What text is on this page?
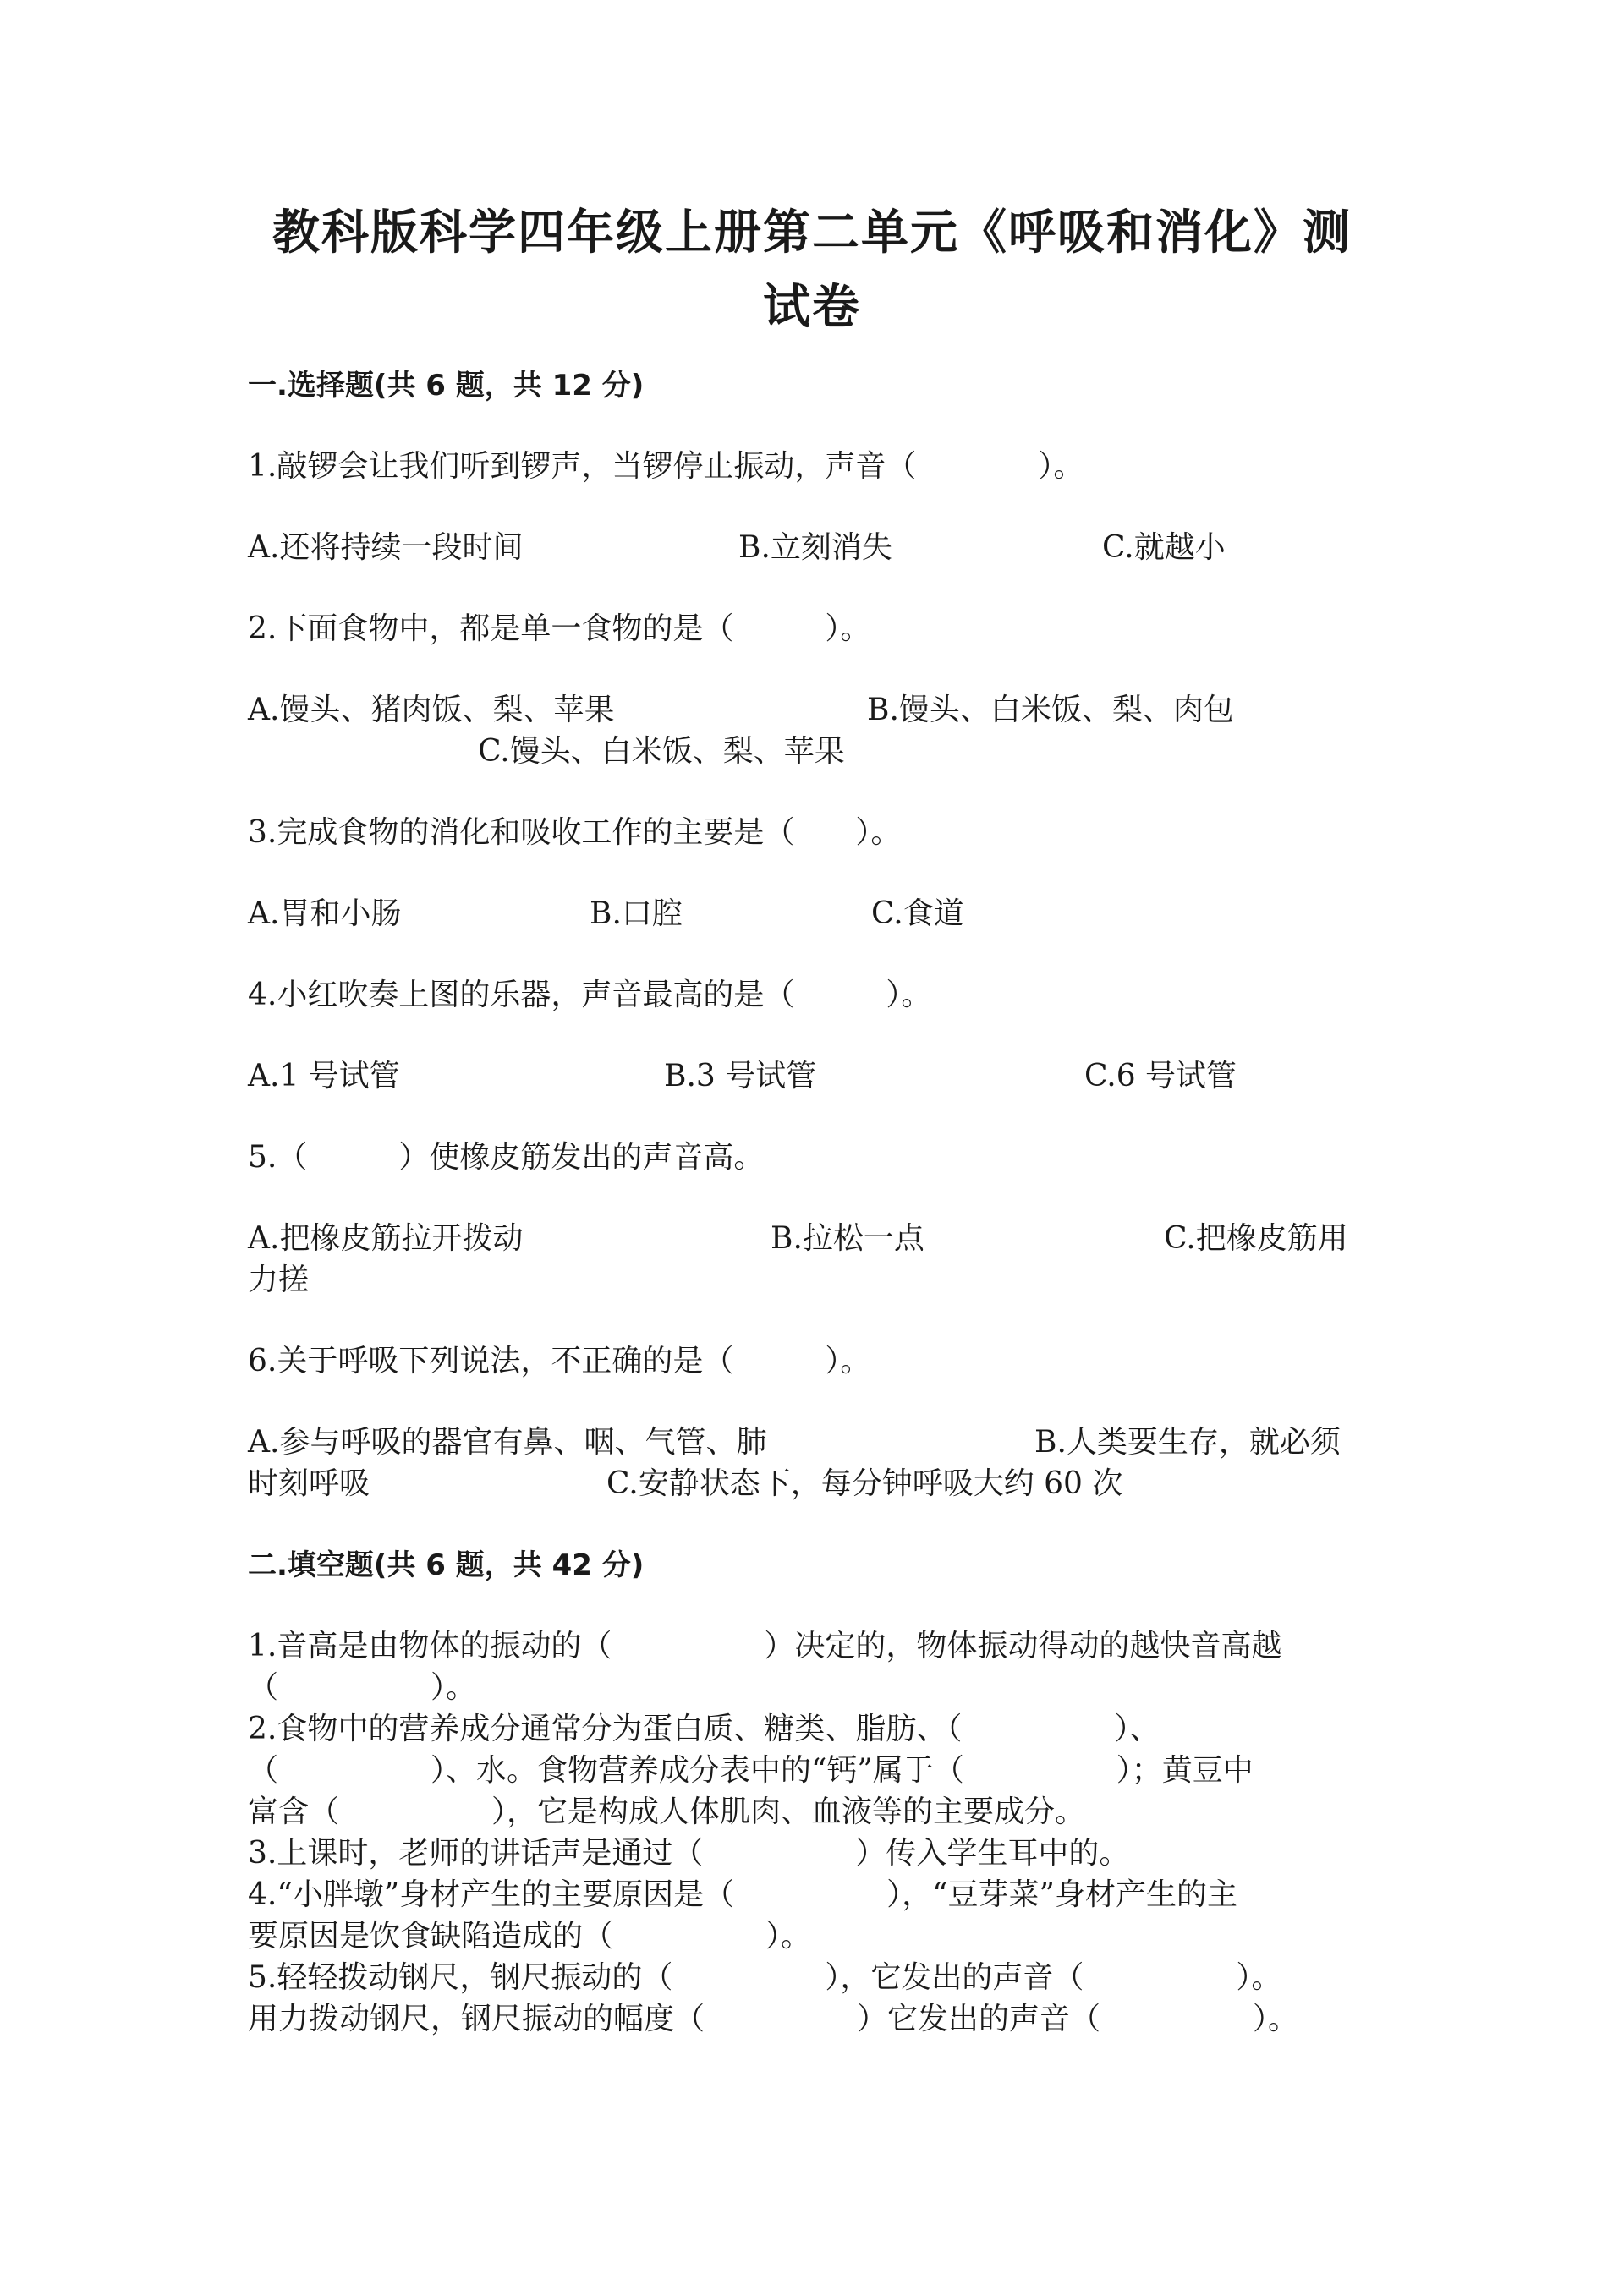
教科版科学四年级上册第二单元《呼吸和消化》测
试卷
一.选择题(共 6 题，共 12 分)
1.敲锣会让我们听到锣声，当锣停止振动，声音（　　　　）。
A.还将持续一段时间	B.立刻消失	C.就越小
2.下面食物中，都是单一食物的是（　　　）。
A.馒头、猪肉饭、梨、苹果	B.馒头、白米饭、梨、肉包
C.馒头、白米饭、梨、苹果
3.完成食物的消化和吸收工作的主要是（　　）。
A.胃和小肠	B.口腔	C.食道
4.小红吹奏上图的乐器，声音最高的是（　　　）。
A.1 号试管	B.3 号试管	C.6 号试管
5.（　　　）使橡皮筋发出的声音高。
A.把橡皮筋拉开拨动	B.拉松一点	C.把橡皮筋用
力搓
6.关于呼吸下列说法，不正确的是（　　　）。
A.参与呼吸的器官有鼻、咽、气管、肺	B.人类要生存，就必须
时刻呼吸	C.安静状态下，每分钟呼吸大约 60 次
二.填空题(共 6 题，共 42 分)
1.音高是由物体的振动的（　　　　　）决定的，物体振动得动的越快音高越
（　　　　　）。
2.食物中的营养成分通常分为蛋白质、糖类、脂肪、（　　　　　）、
（　　　　　）、水。食物营养成分表中的“钙”属于（　　　　　）；黄豆中
富含（　　　　　），它是构成人体肌肉、血液等的主要成分。
3.上课时，老师的讲话声是通过（　　　　　）传入学生耳中的。
4.“小胖墩”身材产生的主要原因是（　　　　　），“豆芽菜”身材产生的主
要原因是饮食缺陷造成的（　　　　　）。
5.轻轻拨动钢尺，钢尺振动的（　　　　　），它发出的声音（　　　　　）。
用力拨动钢尺，钢尺振动的幅度（　　　　　）它发出的声音（　　　　　）。
